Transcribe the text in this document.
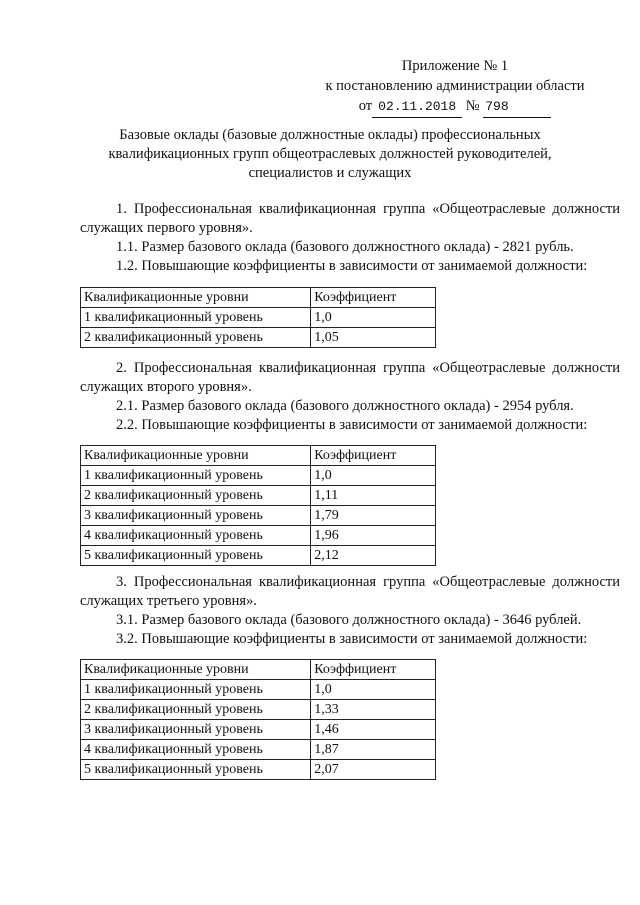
Приложение № 1
к постановлению администрации области
от 02.11.2018 № 798
Базовые оклады (базовые должностные оклады) профессиональных
квалификационных групп общеотраслевых должностей руководителей,
специалистов и служащих

1. Профессиональная квалификационная группа «Общеотраслевые должности служащих первого уровня».

1.1. Размер базового оклада (базового должностного оклада) - 2821 рубль.

1.2. Повышающие коэффициенты в зависимости от занимаемой должности:

Квалификационные уровни	Коэффициент
1 квалификационный уровень	1,0
2 квалификационный уровень	1,05

2. Профессиональная квалификационная группа «Общеотраслевые должности служащих второго уровня».

2.1. Размер базового оклада (базового должностного оклада) - 2954 рубля.

2.2. Повышающие коэффициенты в зависимости от занимаемой должности:

Квалификационные уровни	Коэффициент
1 квалификационный уровень	1,0
2 квалификационный уровень	1,11
3 квалификационный уровень	1,79
4 квалификационный уровень	1,96
5 квалификационный уровень	2,12

3. Профессиональная квалификационная группа «Общеотраслевые должности служащих третьего уровня».

3.1. Размер базового оклада (базового должностного оклада) - 3646 рублей.

3.2. Повышающие коэффициенты в зависимости от занимаемой должности:

Квалификационные уровни	Коэффициент
1 квалификационный уровень	1,0
2 квалификационный уровень	1,33
3 квалификационный уровень	1,46
4 квалификационный уровень	1,87
5 квалификационный уровень	2,07
